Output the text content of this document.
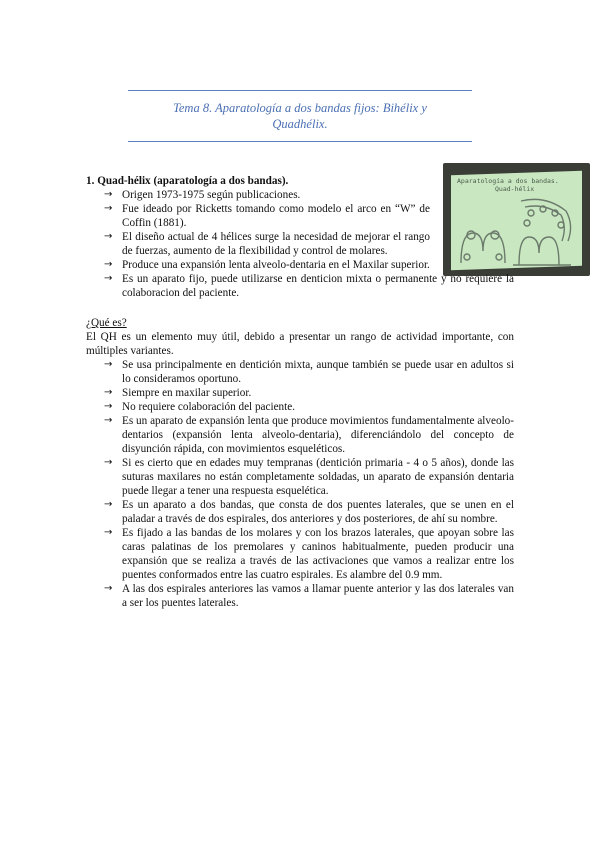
Tema 8. Aparatología a dos bandas fijos: Bihélix y
Quadhélix.
Aparatología a dos bandas.
Quad-hélix

1. Quad-hélix (aparatología a dos bandas).

→ Origen 1973-1975 según publicaciones.
→ Fue ideado por Ricketts tomando como modelo el arco en “W” de Coffin (1881).
→ El diseño actual de 4 hélices surge la necesidad de mejorar el rango de fuerzas, aumento de la flexibilidad y control de molares.
→ Produce una expansión lenta alveolo-dentaria en el Maxilar superior.
→ Es un aparato fijo, puede utilizarse en denticion mixta o permanente y no requiere la colaboracion del paciente.

¿Qué es?

El QH es un elemento muy útil, debido a presentar un rango de actividad importante, con múltiples variantes.

→ Se usa principalmente en dentición mixta, aunque también se puede usar en adultos si lo consideramos oportuno.
→ Siempre en maxilar superior.
→ No requiere colaboración del paciente.
→ Es un aparato de expansión lenta que produce movimientos fundamentalmente alveolo- dentarios (expansión lenta alveolo-dentaria), diferenciándolo del concepto de disyunción rápida, con movimientos esqueléticos.
→ Si es cierto que en edades muy tempranas (dentición primaria - 4 o 5 años), donde las suturas maxilares no están completamente soldadas, un aparato de expansión dentaria puede llegar a tener una respuesta esquelética.
→ Es un aparato a dos bandas, que consta de dos puentes laterales, que se unen en el paladar a través de dos espirales, dos anteriores y dos posteriores, de ahí su nombre.
→ Es fijado a las bandas de los molares y con los brazos laterales, que apoyan sobre las caras palatinas de los premolares y caninos habitualmente, pueden producir una expansión que se realiza a través de las activaciones que vamos a realizar entre los puentes conformados entre las cuatro espirales. Es alambre del 0.9 mm.
→ A las dos espirales anteriores las vamos a llamar puente anterior y las dos laterales van a ser los puentes laterales.
